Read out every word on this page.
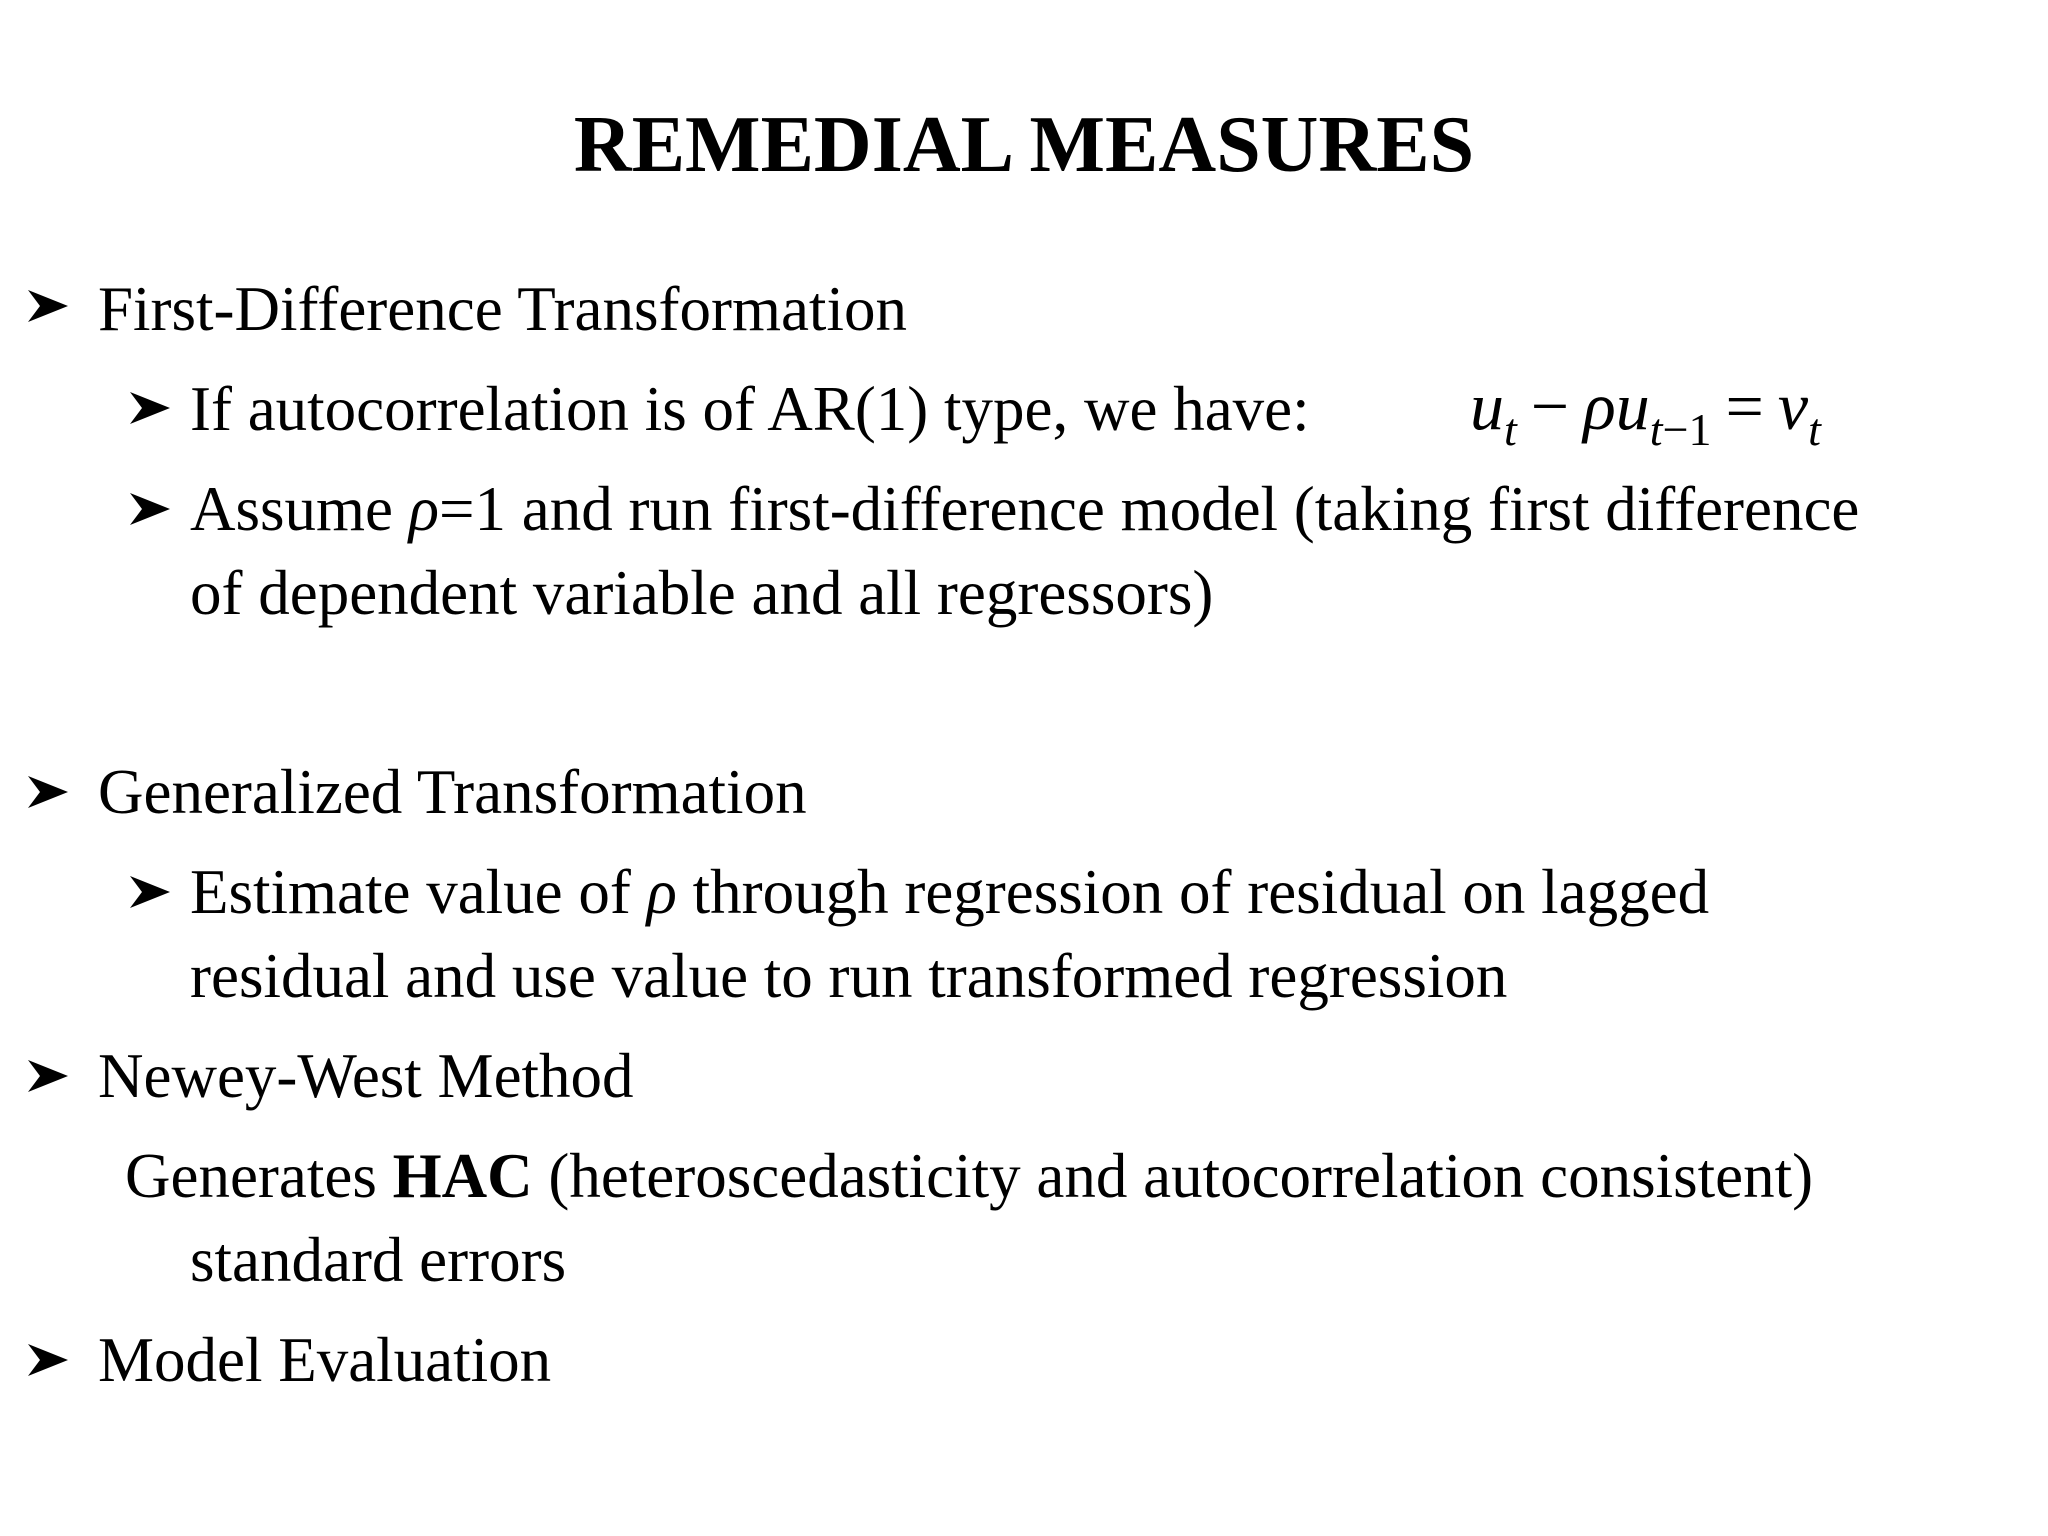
REMEDIAL MEASURES
First-Difference Transformation
If autocorrelation is of AR(1) type, we have: $u_t - \rho u_{t-1} = v_t$
Assume ρ=1 and run first-difference model (taking first difference
of dependent variable and all regressors)
Generalized Transformation
Estimate value of ρ through regression of residual on lagged
residual and use value to run transformed regression
Newey-West Method
Generates HAC (heteroscedasticity and autocorrelation consistent)
standard errors
Model Evaluation
